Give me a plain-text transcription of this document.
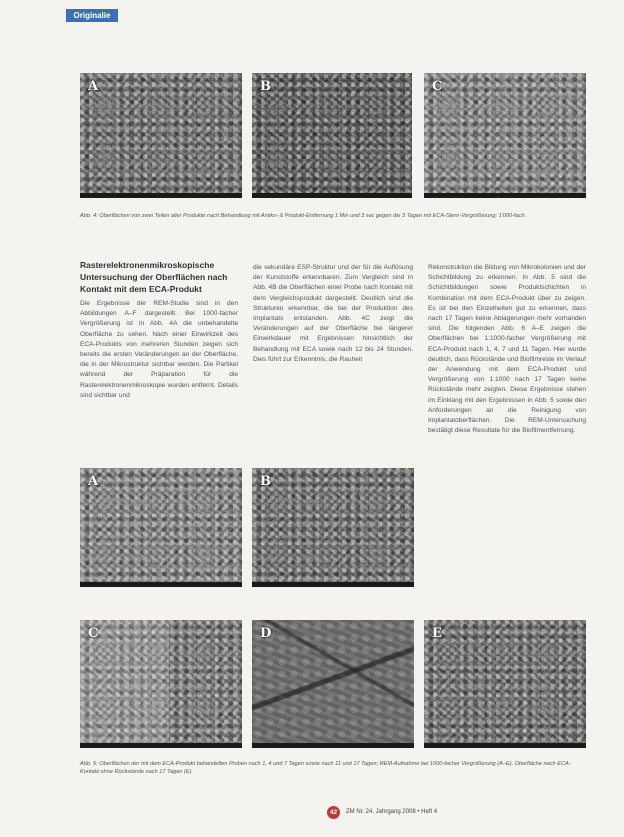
Originalie
A	B	C
Abb. 4: Oberflächen von zwei Teilen aller Produkte nach Behandlung mit Antiks- & Produkt-Entfernung 1 Min und 3 sec gegen die 3 Tagen mit ECA-Stern-Vergrößerung: 1'000-fach.
Rasterelektronenmikroskopische Untersuchung der Oberflächen nach Kontakt mit dem ECA-Produkt
Die Ergebnisse der REM-Studie sind in den Abbildungen A–F dargestellt. Bei 1000-facher Vergrößerung ist in Abb. 4A die unbehandelte Oberfläche zu sehen. Nach einer Einwirkzeit des ECA-Produkts von mehreren Stunden zeigen sich bereits die ersten Veränderungen an der Oberfläche, die in der Mikrostruktur sichtbar werden. Die Partikel während der Präparation für die Rasterelektronenmikroskopie wurden entfernt. Details sind sichtbar und
die sekundäre ESP-Struktur und der für die Auflösung der Kunststoffe erkennbaren. Zum Vergleich sind in Abb. 4B die Oberflächen einer Probe nach Kontakt mit dem Vergleichsprodukt dargestellt. Deutlich sind die Strukturen erkennbar, die bei der Produktion des Implantats entstanden. Abb. 4C zeigt die Veränderungen auf der Oberfläche bei längerer Einwirkdauer mit Ergebnissen hinsichtlich der Behandlung mit ECA sowie nach 12 bis 24 Stunden. Dies führt zur Erkenntnis, die Rauheit
Rekonstruktion die Bildung von Mikrokolonien und der Schichtbildung zu erkennen. In Abb. 5 sind die Schichtbildungen sowie Produktschichten in Kombination mit dem ECA-Produkt über zu zeigen. Es ist bei den Einzelheiten gut zu erkennen, dass nach 17 Tagen keine Ablagerungen mehr vorhanden sind. Die folgenden Abb. 6 A–E zeigen die Oberflächen bei 1:1000-facher Vergrößerung mit ECA-Produkt nach 1, 4, 7 und 11 Tagen. Hier wurde deutlich, dass Rückstände und Biofilmreste im Verlauf der Anwendung mit dem ECA-Produkt und Vergrößerung von 1:1000 nach 17 Tagen keine Rückstände mehr zeigten. Diese Ergebnisse stehen im Einklang mit den Ergebnissen in Abb. 5 sowie den Anforderungen an die Reinigung von Implantatoberflächen. Die REM-Untersuchung bestätigt diese Resultate für die Biofilmentfernung.
A	B
C	D	E
Abb. 5: Oberflächen der mit dem ECA-Produkt behandelten Proben nach 1, 4 und 7 Tagen sowie nach 11 und 17 Tagen; REM-Aufnahme bei 1000-facher Vergrößerung (A–E), Oberfläche nach ECA-Kontakt ohne Rückstände nach 17 Tagen (E).
42	ZM Nr. 24. Jahrgang 2008 • Heft 4
